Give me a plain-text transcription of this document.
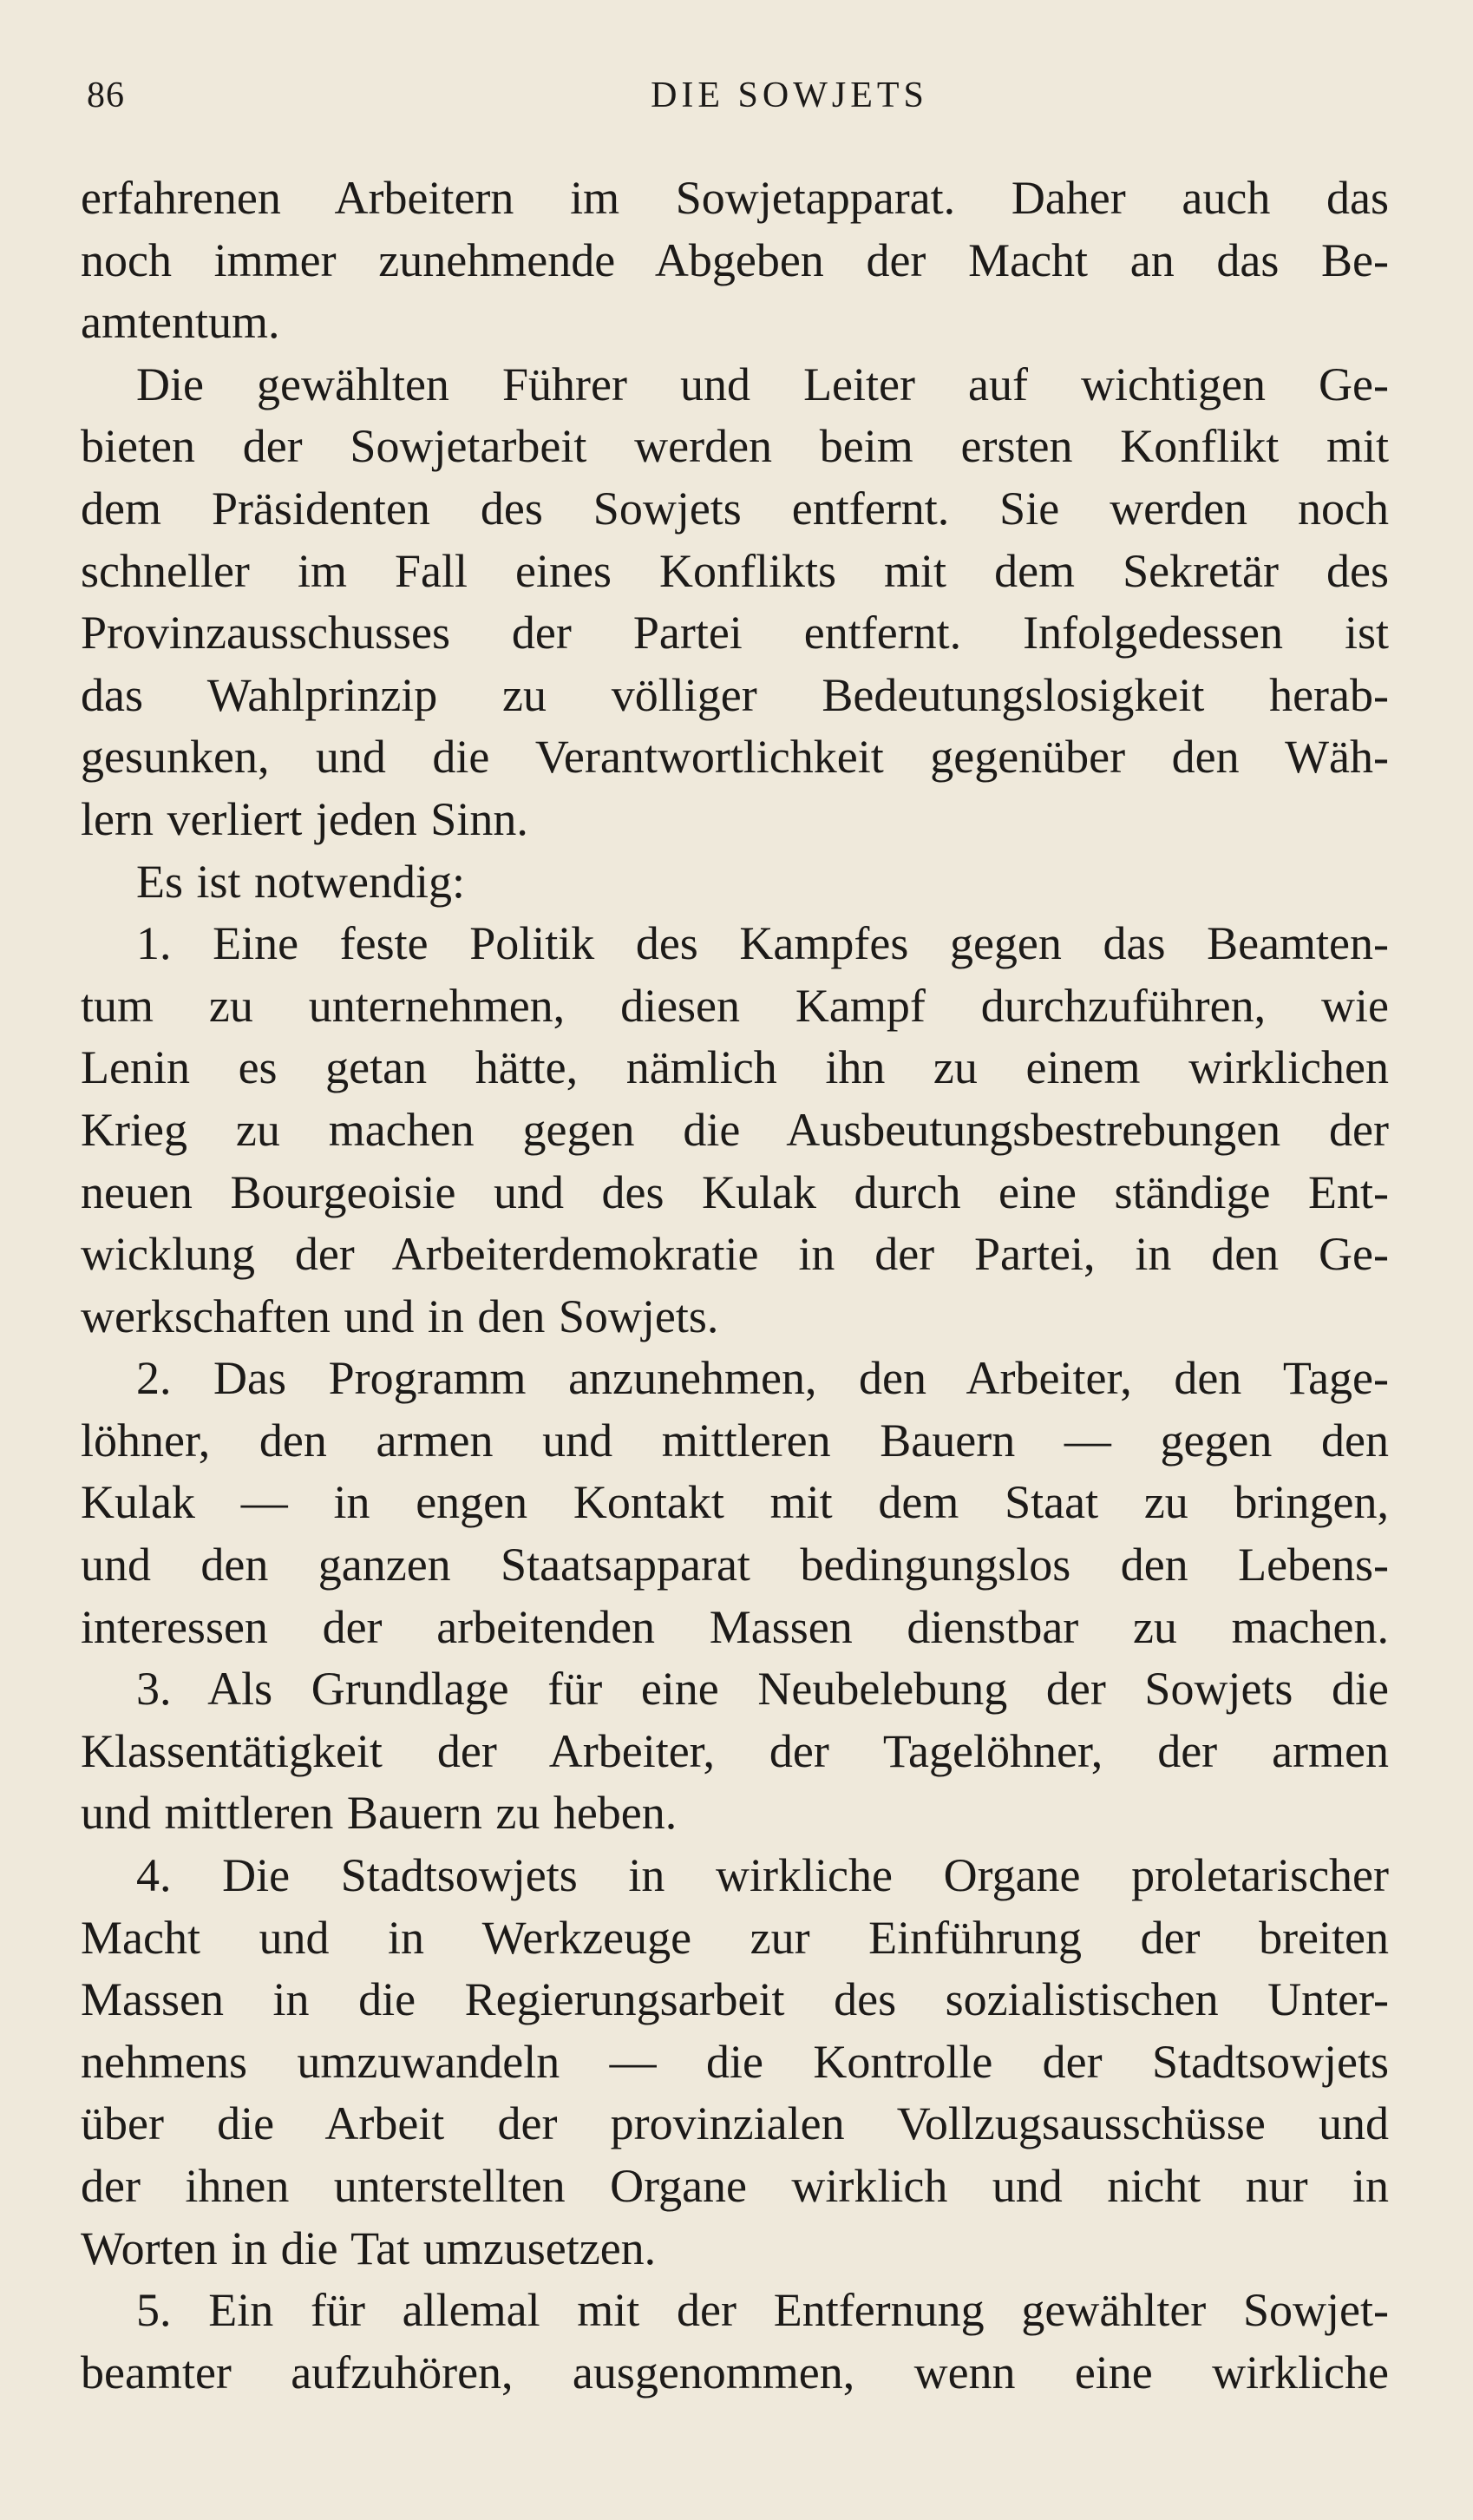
86	DIE SOWJETS
erfahrenen Arbeitern im Sowjetapparat. Daher auch das
noch immer zunehmende Abgeben der Macht an das Be-
amtentum.
Die gewählten Führer und Leiter auf wichtigen Ge-
bieten der Sowjetarbeit werden beim ersten Konflikt mit
dem Präsidenten des Sowjets entfernt. Sie werden noch
schneller im Fall eines Konflikts mit dem Sekretär des
Provinzausschusses der Partei entfernt. Infolgedessen ist
das Wahlprinzip zu völliger Bedeutungslosigkeit herab-
gesunken, und die Verantwortlichkeit gegenüber den Wäh-
lern verliert jeden Sinn.
Es ist notwendig:
1. Eine feste Politik des Kampfes gegen das Beamten-
tum zu unternehmen, diesen Kampf durchzuführen, wie
Lenin es getan hätte, nämlich ihn zu einem wirklichen
Krieg zu machen gegen die Ausbeutungsbestrebungen der
neuen Bourgeoisie und des Kulak durch eine ständige Ent-
wicklung der Arbeiterdemokratie in der Partei, in den Ge-
werkschaften und in den Sowjets.
2. Das Programm anzunehmen, den Arbeiter, den Tage-
löhner, den armen und mittleren Bauern — gegen den
Kulak — in engen Kontakt mit dem Staat zu bringen,
und den ganzen Staatsapparat bedingungslos den Lebens-
interessen der arbeitenden Massen dienstbar zu machen.
3. Als Grundlage für eine Neubelebung der Sowjets die
Klassentätigkeit der Arbeiter, der Tagelöhner, der armen
und mittleren Bauern zu heben.
4. Die Stadtsowjets in wirkliche Organe proletarischer
Macht und in Werkzeuge zur Einführung der breiten
Massen in die Regierungsarbeit des sozialistischen Unter-
nehmens umzuwandeln — die Kontrolle der Stadtsowjets
über die Arbeit der provinzialen Vollzugsausschüsse und
der ihnen unterstellten Organe wirklich und nicht nur in
Worten in die Tat umzusetzen.
5. Ein für allemal mit der Entfernung gewählter Sowjet-
beamter aufzuhören, ausgenommen, wenn eine wirkliche
